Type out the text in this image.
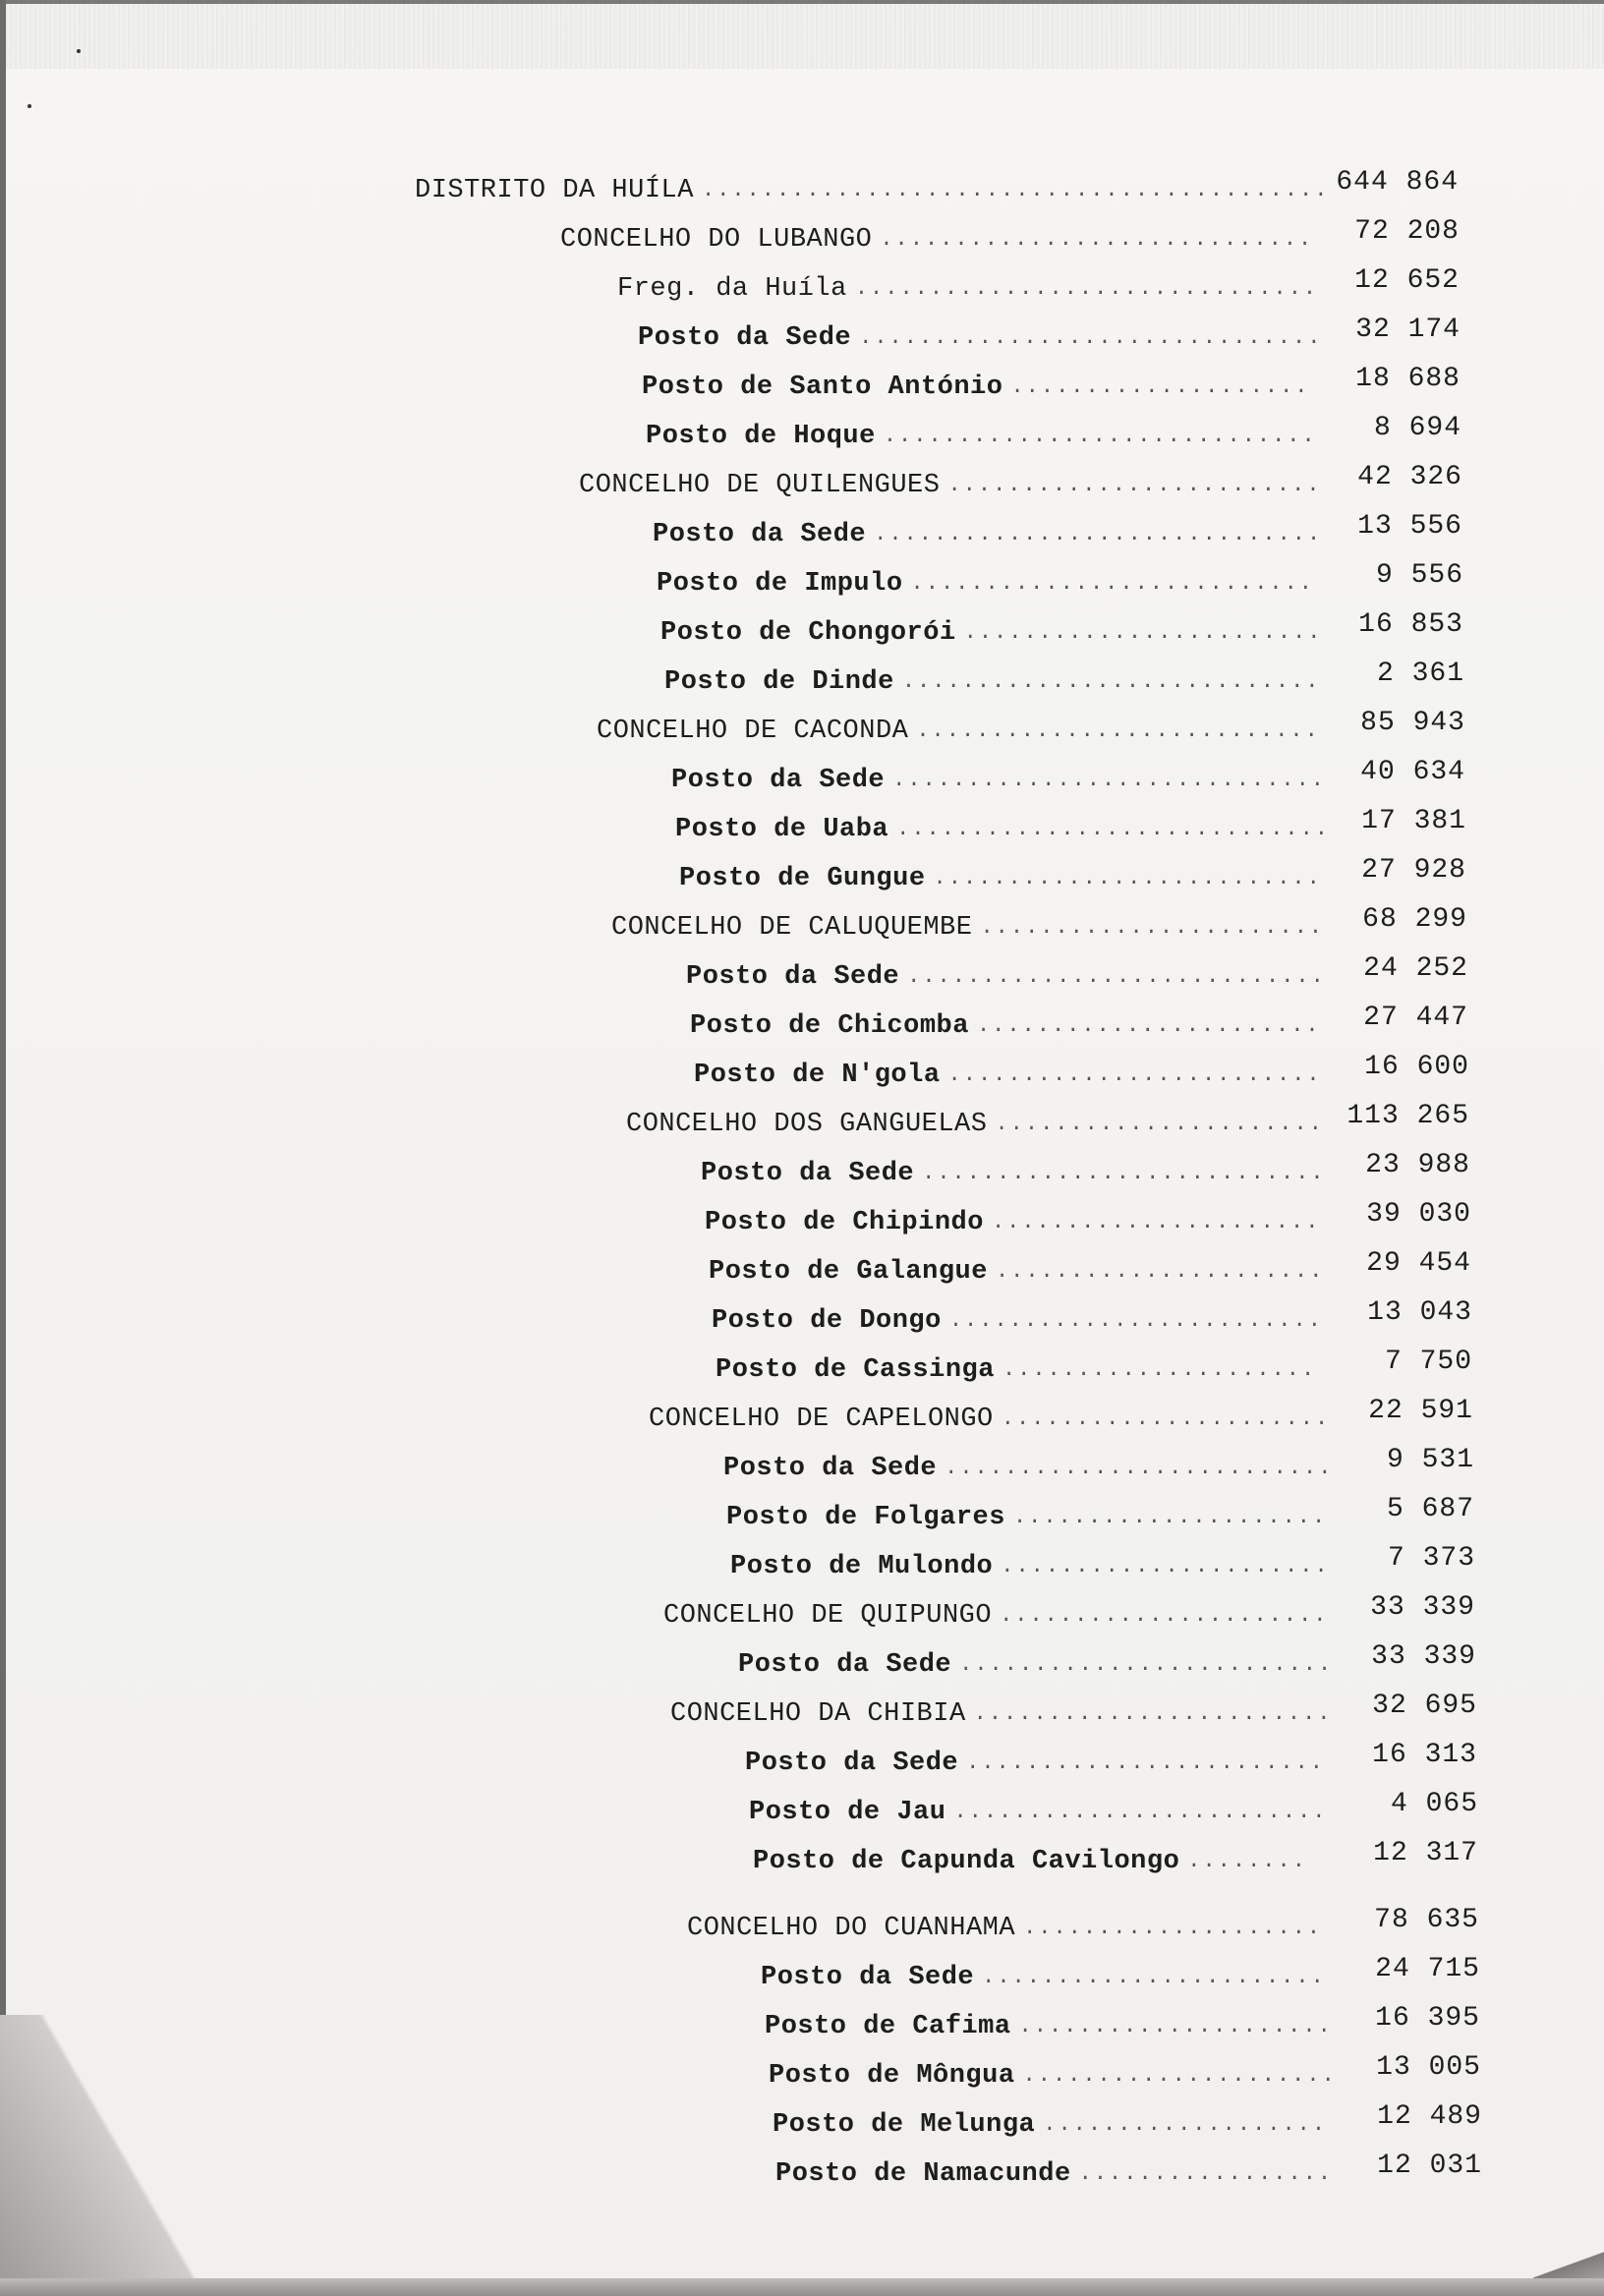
DISTRITO DA HUÍLA .......................................... 644 864
CONCELHO DO LUBANGO .............................	72 208
Freg. da Huíla ...............................	12 652
Posto da Sede ...............................	32 174
Posto de Santo António ....................	18 688
Posto de Hoque .............................	8 694
CONCELHO DE QUILENGUES .........................	42 326
Posto da Sede ..............................	13 556
Posto de Impulo ...........................	9 556
Posto de Chongorói ........................	16 853
Posto de Dinde ............................	2 361
CONCELHO DE CACONDA ...........................	85 943
Posto da Sede .............................	40 634
Posto de Uaba .............................	17 381
Posto de Gungue ..........................	27 928
CONCELHO DE CALUQUEMBE .......................	68 299
Posto da Sede ............................	24 252
Posto de Chicomba .......................	27 447
Posto de N'gola .........................	16 600
CONCELHO DOS GANGUELAS ...................... 113 265
Posto da Sede ...........................	23 988
Posto de Chipindo ......................	39 030
Posto de Galangue ......................	29 454
Posto de Dongo .........................	13 043
Posto de Cassinga .....................	7 750
CONCELHO DE CAPELONGO ......................	22 591
Posto da Sede ..........................	9 531
Posto de Folgares .....................	5 687
Posto de Mulondo ......................	7 373
CONCELHO DE QUIPUNGO ......................	33 339
Posto da Sede .........................	33 339
CONCELHO DA CHIBIA ........................	32 695
Posto da Sede ........................	16 313
Posto de Jau .........................	4 065
Posto de Capunda Cavilongo ........	12 317
CONCELHO DO CUANHAMA ....................	78 635
Posto da Sede .......................	24 715
Posto de Cafima .....................	16 395
Posto de Môngua .....................	13 005
Posto de Melunga ...................	12 489
Posto de Namacunde .................	12 031
